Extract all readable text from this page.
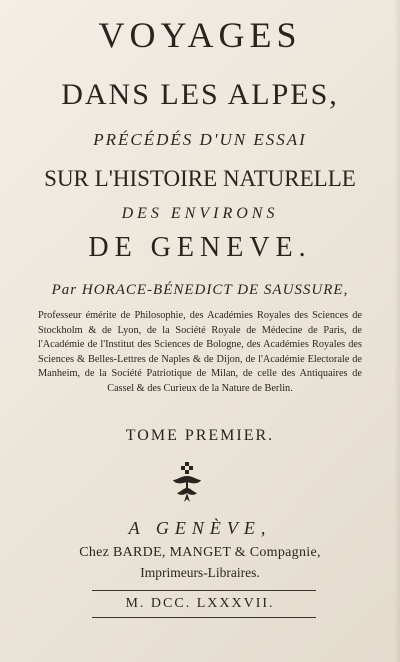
VOYAGES
DANS LES ALPES,
PRÉCÉDÉS D'UN ESSAI
SUR L'HISTOIRE NATURELLE
DES ENVIRONS
DE GENEVE.
Par HORACE-BÉNEDICT DE SAUSSURE,
Professeur émérite de Philosophie, des Académies Royales des Sciences de Stockholm & de Lyon, de la Société Royale de Médecine de Paris, de l'Académie de l'Institut des Sciences de Bologne, des Académies Royales des Sciences & Belles-Lettres de Naples & de Dijon, de l'Académie Electorale de Manheim, de la Société Patriotique de Milan, de celle des Antiquaires de Cassel & des Curieux de la Nature de Berlin.
TOME PREMIER.
A GENÈVE,
Chez BARDE, MANGET & Compagnie,
Imprimeurs-Libraires.
M. DCC. LXXXVII.
